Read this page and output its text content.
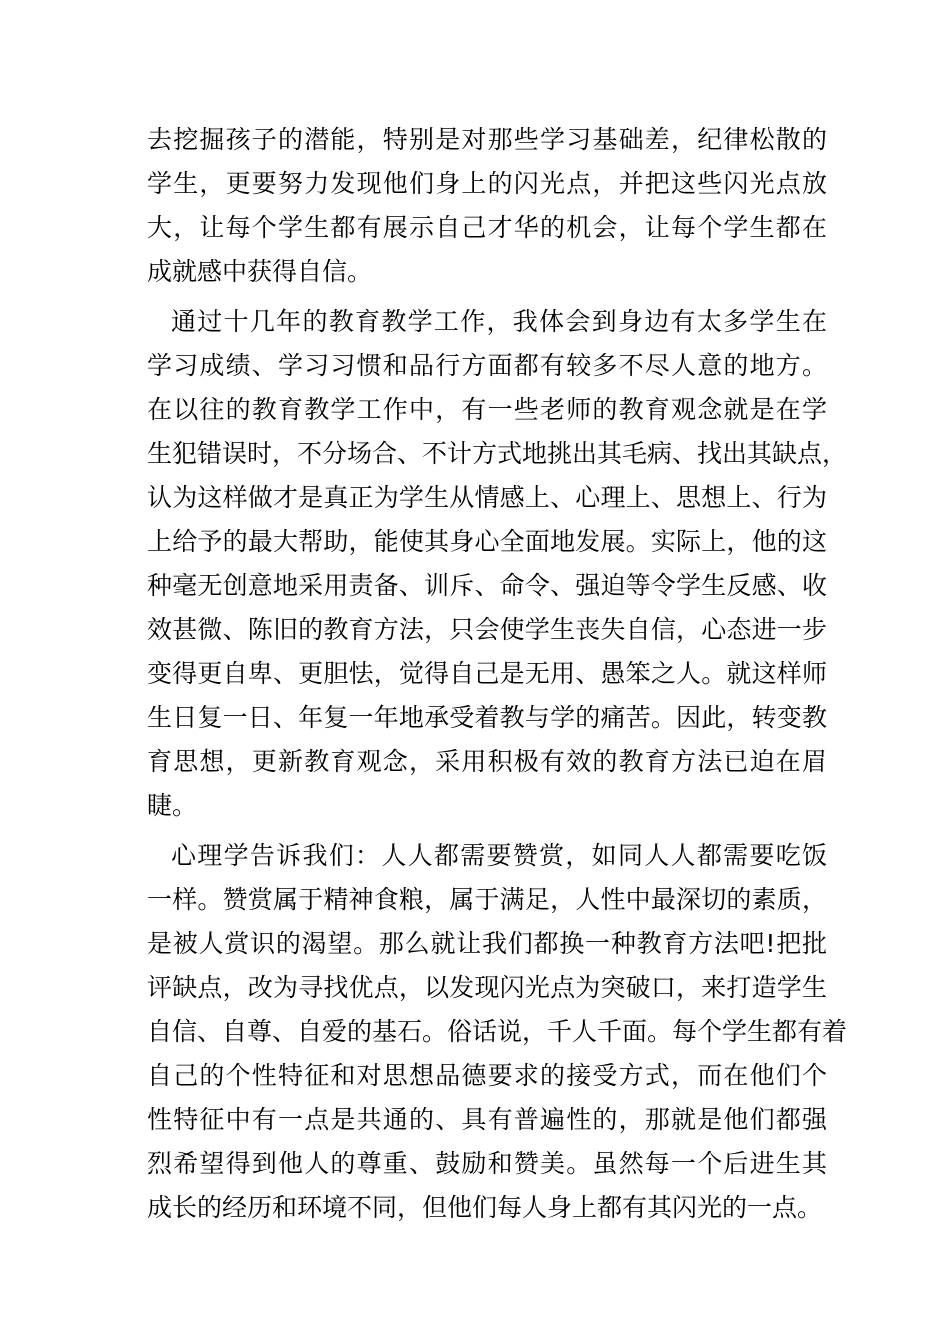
去挖掘孩子的潜能，特别是对那些学习基础差，纪律松散的
学生，更要努力发现他们身上的闪光点，并把这些闪光点放
大，让每个学生都有展示自己才华的机会，让每个学生都在
成就感中获得自信。
通过十几年的教育教学工作，我体会到身边有太多学生在
学习成绩、学习习惯和品行方面都有较多不尽人意的地方。
在以往的教育教学工作中，有一些老师的教育观念就是在学
生犯错误时，不分场合、不计方式地挑出其毛病、找出其缺点，
认为这样做才是真正为学生从情感上、心理上、思想上、行为
上给予的最大帮助，能使其身心全面地发展。实际上，他的这
种毫无创意地采用责备、训斥、命令、强迫等令学生反感、收
效甚微、陈旧的教育方法，只会使学生丧失自信，心态进一步
变得更自卑、更胆怯，觉得自己是无用、愚笨之人。就这样师
生日复一日、年复一年地承受着教与学的痛苦。因此，转变教
育思想，更新教育观念，采用积极有效的教育方法已迫在眉
睫。
心理学告诉我们：人人都需要赞赏，如同人人都需要吃饭
一样。赞赏属于精神食粮，属于满足，人性中最深切的素质，
是被人赏识的渴望。那么就让我们都换一种教育方法吧!把批
评缺点，改为寻找优点，以发现闪光点为突破口，来打造学生
自信、自尊、自爱的基石。俗话说，千人千面。每个学生都有着
自己的个性特征和对思想品德要求的接受方式，而在他们个
性特征中有一点是共通的、具有普遍性的，那就是他们都强
烈希望得到他人的尊重、鼓励和赞美。虽然每一个后进生其
成长的经历和环境不同，但他们每人身上都有其闪光的一点。
